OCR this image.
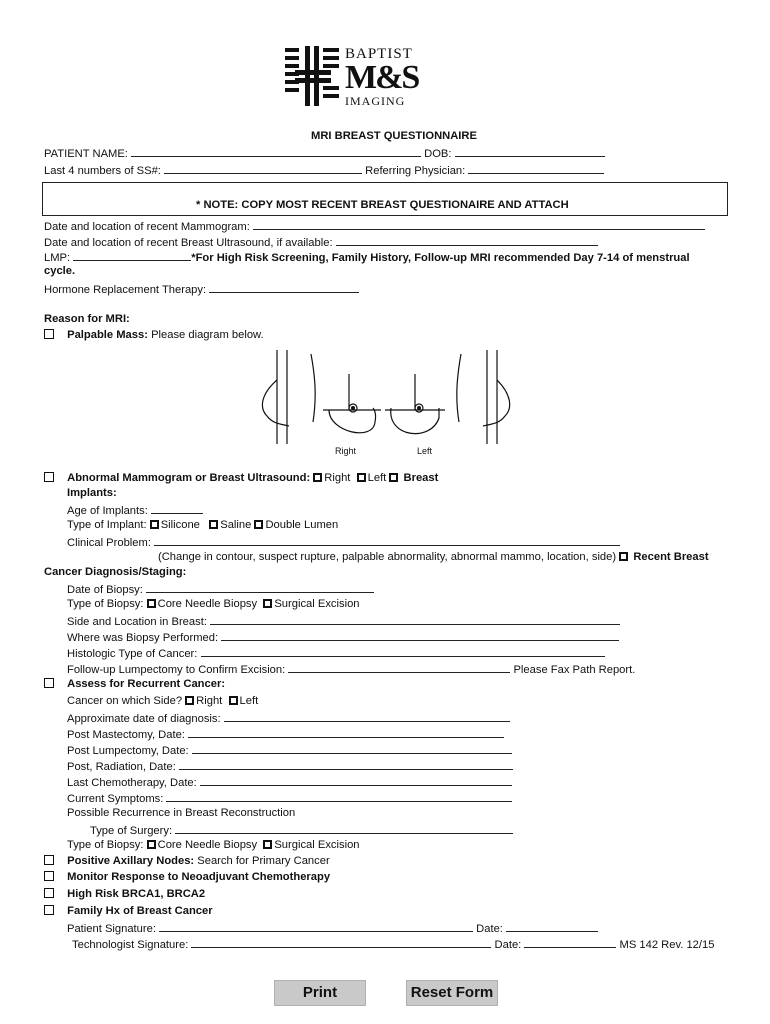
BAPTIST
M&S
IMAGING
MRI BREAST QUESTIONNAIRE
PATIENT NAME:	DOB:
Last 4 numbers of SS#:	Referring Physician:
* NOTE: COPY MOST RECENT BREAST QUESTIONAIRE AND ATTACH
Date and location of recent Mammogram:
Date and location of recent Breast Ultrasound, if available:
LMP:	*For High Risk Screening, Family History, Follow-up MRI recommended Day 7-14 of menstrual
cycle.
Hormone Replacement Therapy:
Reason for MRI:
Palpable Mass: Please diagram below.
Right	Left
Abnormal Mammogram or Breast Ultrasound: Right Left Breast
Implants:
Age of Implants:
Type of Implant: Silicone Saline Double Lumen
Clinical Problem:
(Change in contour, suspect rupture, palpable abnormality, abnormal mammo, location, side) Recent Breast
Cancer Diagnosis/Staging:
Date of Biopsy:
Type of Biopsy: Core Needle Biopsy Surgical Excision
Side and Location in Breast:
Where was Biopsy Performed:
Histologic Type of Cancer:
Follow-up Lumpectomy to Confirm Excision:	Please Fax Path Report.
Assess for Recurrent Cancer:
Cancer on which Side? Right Left
Approximate date of diagnosis:
Post Mastectomy, Date:
Post Lumpectomy, Date:
Post, Radiation, Date:
Last Chemotherapy, Date:
Current Symptoms:
Possible Recurrence in Breast Reconstruction
Type of Surgery:
Type of Biopsy: Core Needle Biopsy Surgical Excision
Positive Axillary Nodes: Search for Primary Cancer
Monitor Response to Neoadjuvant Chemotherapy
High Risk BRCA1, BRCA2
Family Hx of Breast Cancer
Patient Signature:	Date:
Technologist Signature:	Date:	MS 142 Rev. 12/15
Print	Reset Form
